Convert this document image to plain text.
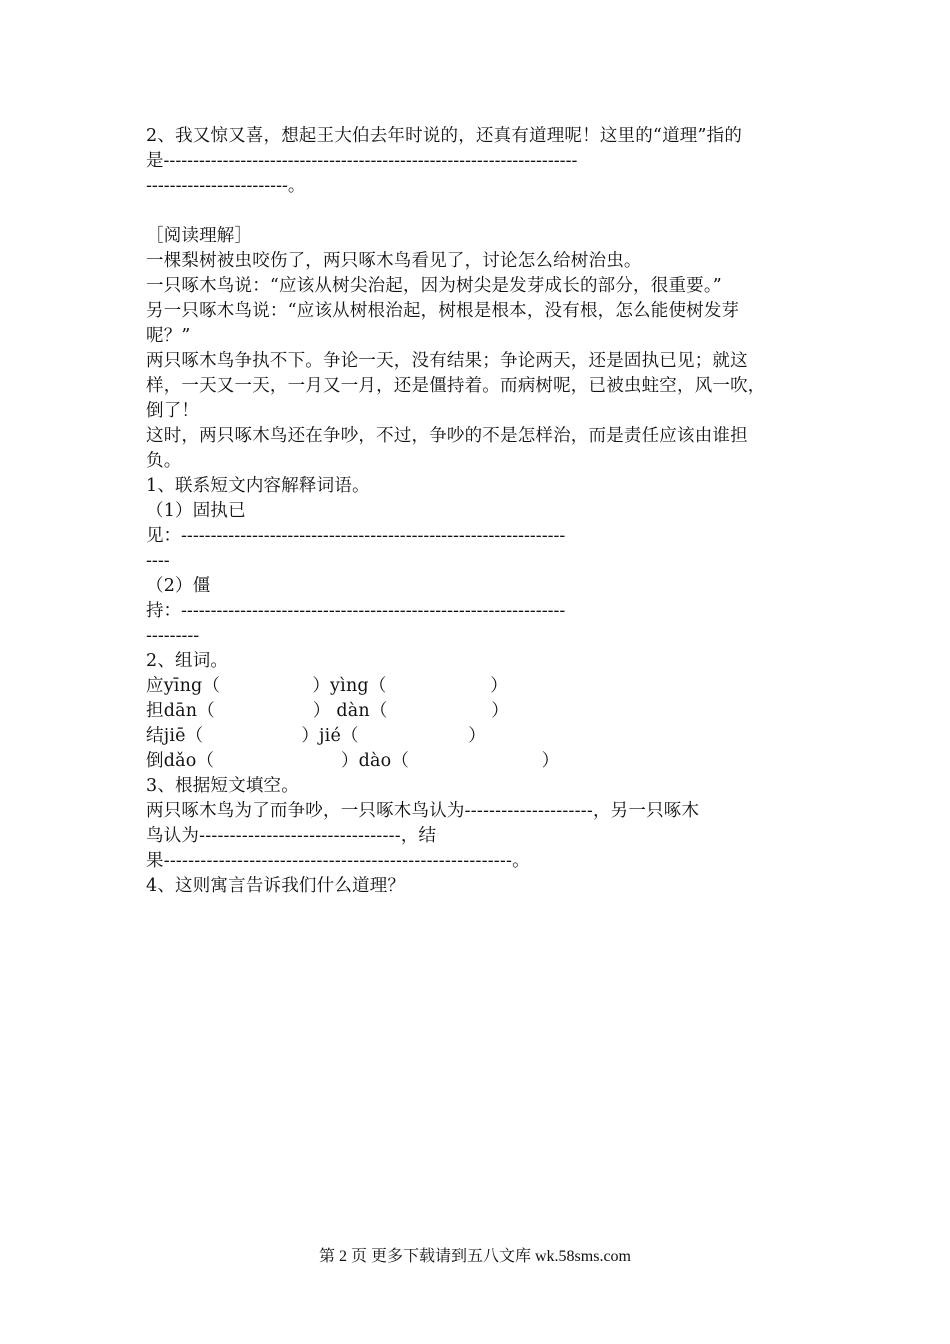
2、我又惊又喜，想起王大伯去年时说的，还真有道理呢！这里的“道理”指的
是----------------------------------------------------------------------
------------------------。
［阅读理解］
一棵梨树被虫咬伤了，两只啄木鸟看见了，讨论怎么给树治虫。
一只啄木鸟说：“应该从树尖治起，因为树尖是发芽成长的部分，很重要。”
另一只啄木鸟说：“应该从树根治起，树根是根本，没有根，怎么能使树发芽
呢？”
两只啄木鸟争执不下。争论一天，没有结果；争论两天，还是固执已见；就这
样，一天又一天，一月又一月，还是僵持着。而病树呢，已被虫蛀空，风一吹，
倒了！
这时，两只啄木鸟还在争吵，不过，争吵的不是怎样治，而是责任应该由谁担
负。
1、联系短文内容解释词语。
（1）固执已
见：-----------------------------------------------------------------
----
（2）僵
持：-----------------------------------------------------------------
---------
2、组词。
应yīng（                ）yìng（                  ）
担dān（                 ） dàn（                  ）
结jiē（                 ）jié（                   ）
倒dǎo（                      ）dào（                       ）
3、根据短文填空。
两只啄木鸟为了而争吵，一只啄木鸟认为---------------------，另一只啄木
鸟认为---------------------------------，结
果---------------------------------------------------------。
4、这则寓言告诉我们什么道理？
第 2 页 更多下载请到五八文库 wk.58sms.com
